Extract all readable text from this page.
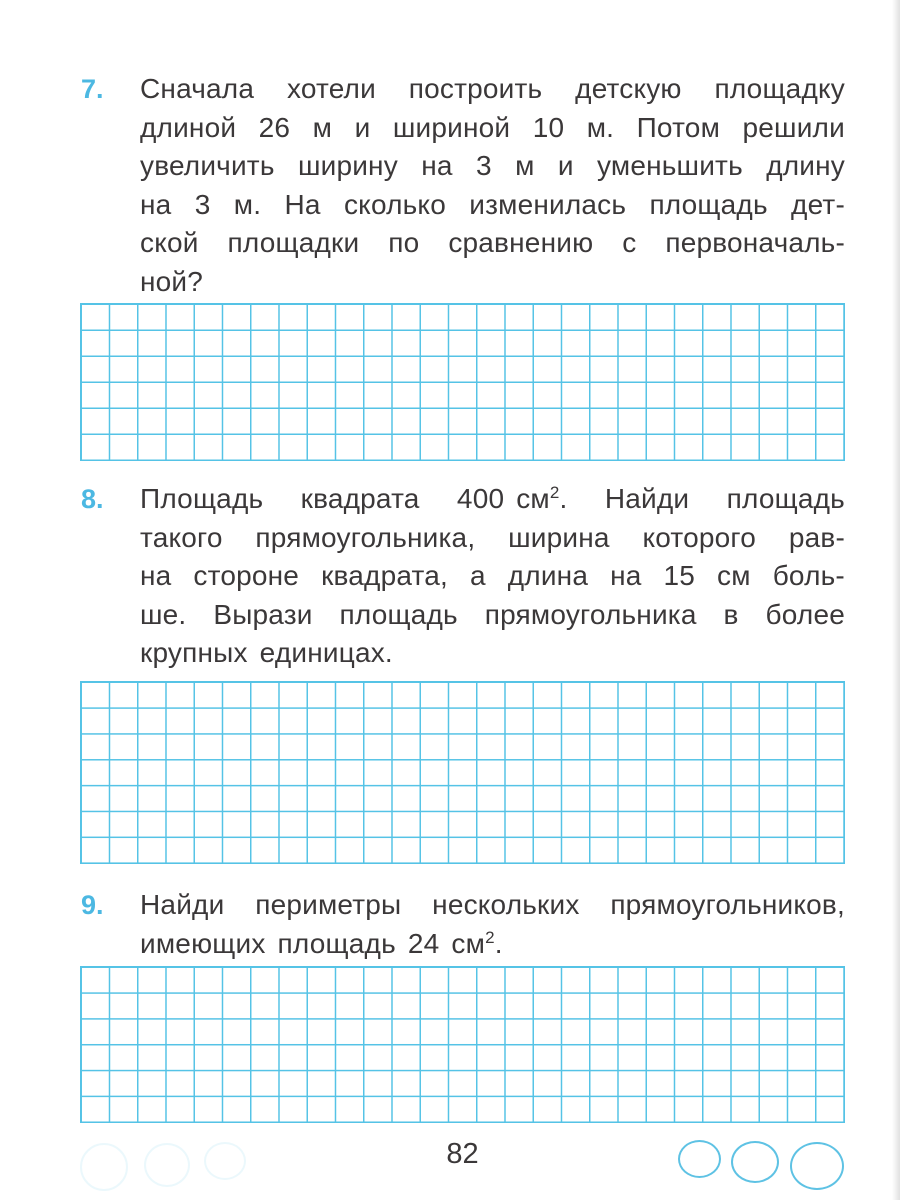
7. Сначала хотели построить детскую площадку
длиной 26 м и шириной 10 м. Потом решили
увеличить ширину на 3 м и уменьшить длину
на 3 м. На сколько изменилась площадь дет-
ской площадки по сравнению с первоначаль-
ной?
8. Площадь квадрата 400 $см^2$. Найди площадь
такого прямоугольника, ширина которого рав-
на стороне квадрата, а длина на 15 см боль-
ше. Вырази площадь прямоугольника в более
крупных единицах.
9. Найди периметры нескольких прямоугольников,
имеющих площадь 24 $см^2$.
82
